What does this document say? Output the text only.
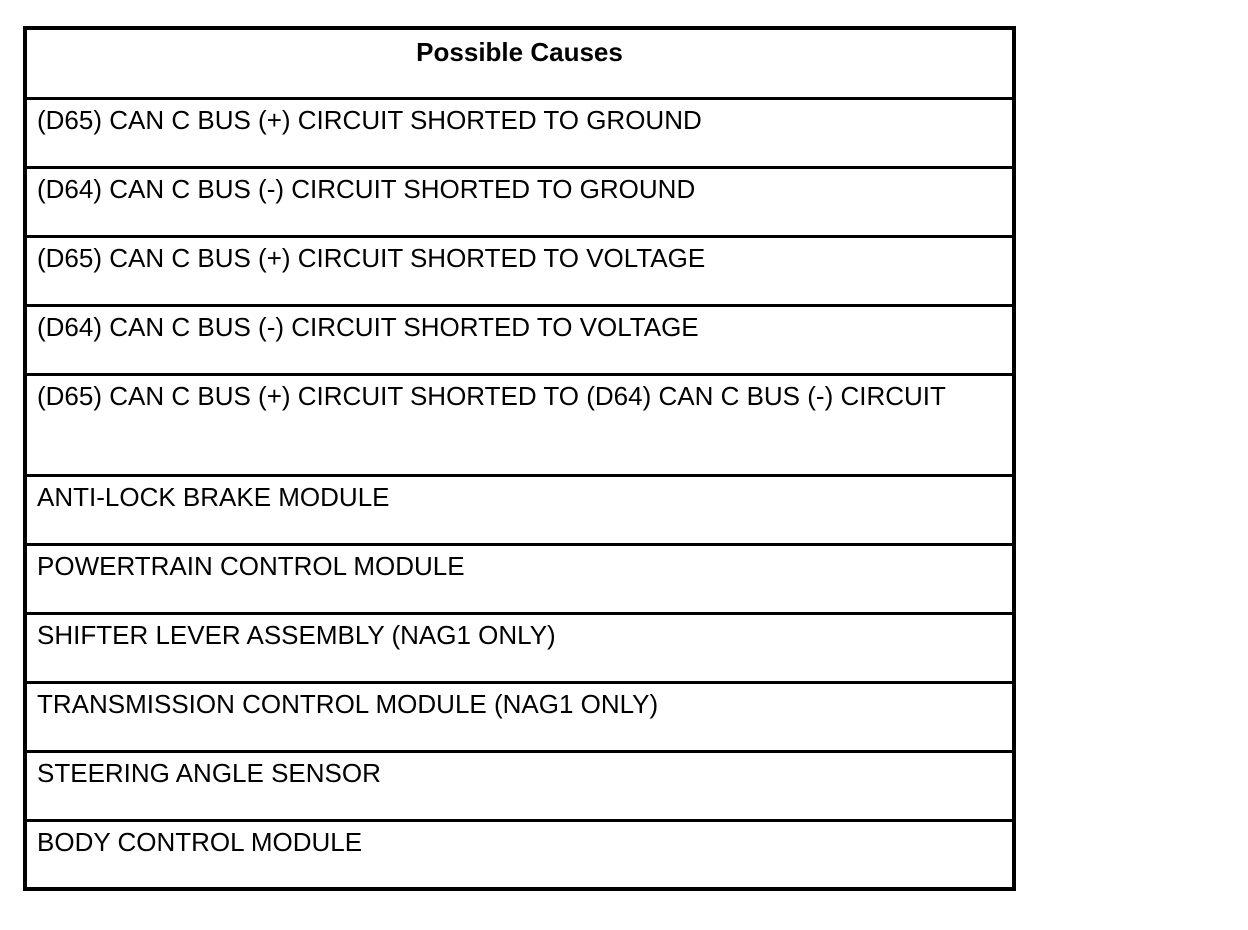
Possible Causes
(D65) CAN C BUS (+) CIRCUIT SHORTED TO GROUND
(D64) CAN C BUS (-) CIRCUIT SHORTED TO GROUND
(D65) CAN C BUS (+) CIRCUIT SHORTED TO VOLTAGE
(D64) CAN C BUS (-) CIRCUIT SHORTED TO VOLTAGE
(D65) CAN C BUS (+) CIRCUIT SHORTED TO (D64) CAN C BUS (-) CIRCUIT
ANTI-LOCK BRAKE MODULE
POWERTRAIN CONTROL MODULE
SHIFTER LEVER ASSEMBLY (NAG1 ONLY)
TRANSMISSION CONTROL MODULE (NAG1 ONLY)
STEERING ANGLE SENSOR
BODY CONTROL MODULE
